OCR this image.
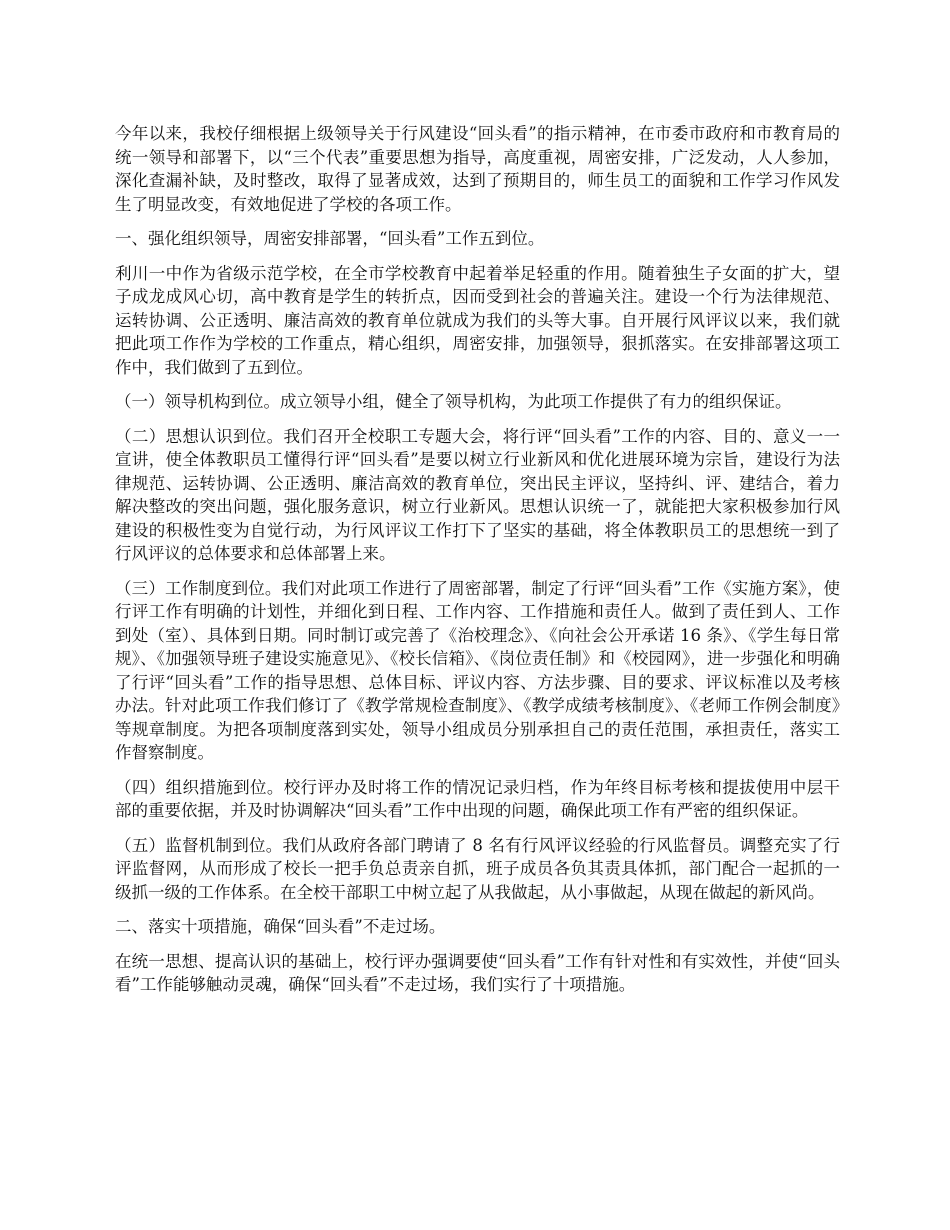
今年以来，我校仔细根据上级领导关于行风建设“回头看”的指示精神，在市委市政府和市教育局的统一领导和部署下，以“三个代表”重要思想为指导，高度重视，周密安排，广泛发动，人人参加，深化查漏补缺，及时整改，取得了显著成效，达到了预期目的，师生员工的面貌和工作学习作风发生了明显改变，有效地促进了学校的各项工作。

一、强化组织领导，周密安排部署，“回头看”工作五到位。

利川一中作为省级示范学校，在全市学校教育中起着举足轻重的作用。随着独生子女面的扩大，望子成龙成风心切，高中教育是学生的转折点，因而受到社会的普遍关注。建设一个行为法律规范、运转协调、公正透明、廉洁高效的教育单位就成为我们的头等大事。自开展行风评议以来，我们就把此项工作作为学校的工作重点，精心组织，周密安排，加强领导，狠抓落实。在安排部署这项工作中，我们做到了五到位。

（一）领导机构到位。成立领导小组，健全了领导机构，为此项工作提供了有力的组织保证。

（二）思想认识到位。我们召开全校职工专题大会，将行评“回头看”工作的内容、目的、意义一一宣讲，使全体教职员工懂得行评“回头看”是要以树立行业新风和优化进展环境为宗旨，建设行为法律规范、运转协调、公正透明、廉洁高效的教育单位，突出民主评议，坚持纠、评、建结合，着力解决整改的突出问题，强化服务意识，树立行业新风。思想认识统一了，就能把大家积极参加行风建设的积极性变为自觉行动，为行风评议工作打下了坚实的基础，将全体教职员工的思想统一到了行风评议的总体要求和总体部署上来。

（三）工作制度到位。我们对此项工作进行了周密部署，制定了行评“回头看”工作《实施方案》，使行评工作有明确的计划性，并细化到日程、工作内容、工作措施和责任人。做到了责任到人、工作到处（室）、具体到日期。同时制订或完善了《治校理念》、《向社会公开承诺 16 条》、《学生每日常规》、《加强领导班子建设实施意见》、《校长信箱》、《岗位责任制》和《校园网》，进一步强化和明确了行评“回头看”工作的指导思想、总体目标、评议内容、方法步骤、目的要求、评议标准以及考核办法。针对此项工作我们修订了《教学常规检查制度》、《教学成绩考核制度》、《老师工作例会制度》等规章制度。为把各项制度落到实处，领导小组成员分别承担自己的责任范围，承担责任，落实工作督察制度。

（四）组织措施到位。校行评办及时将工作的情况记录归档，作为年终目标考核和提拔使用中层干部的重要依据，并及时协调解决“回头看”工作中出现的问题，确保此项工作有严密的组织保证。

（五）监督机制到位。我们从政府各部门聘请了 8 名有行风评议经验的行风监督员。调整充实了行评监督网，从而形成了校长一把手负总责亲自抓，班子成员各负其责具体抓，部门配合一起抓的一级抓一级的工作体系。在全校干部职工中树立起了从我做起，从小事做起，从现在做起的新风尚。

二、落实十项措施，确保“回头看”不走过场。

在统一思想、提高认识的基础上，校行评办强调要使“回头看”工作有针对性和有实效性，并使“回头看”工作能够触动灵魂，确保“回头看”不走过场，我们实行了十项措施。
